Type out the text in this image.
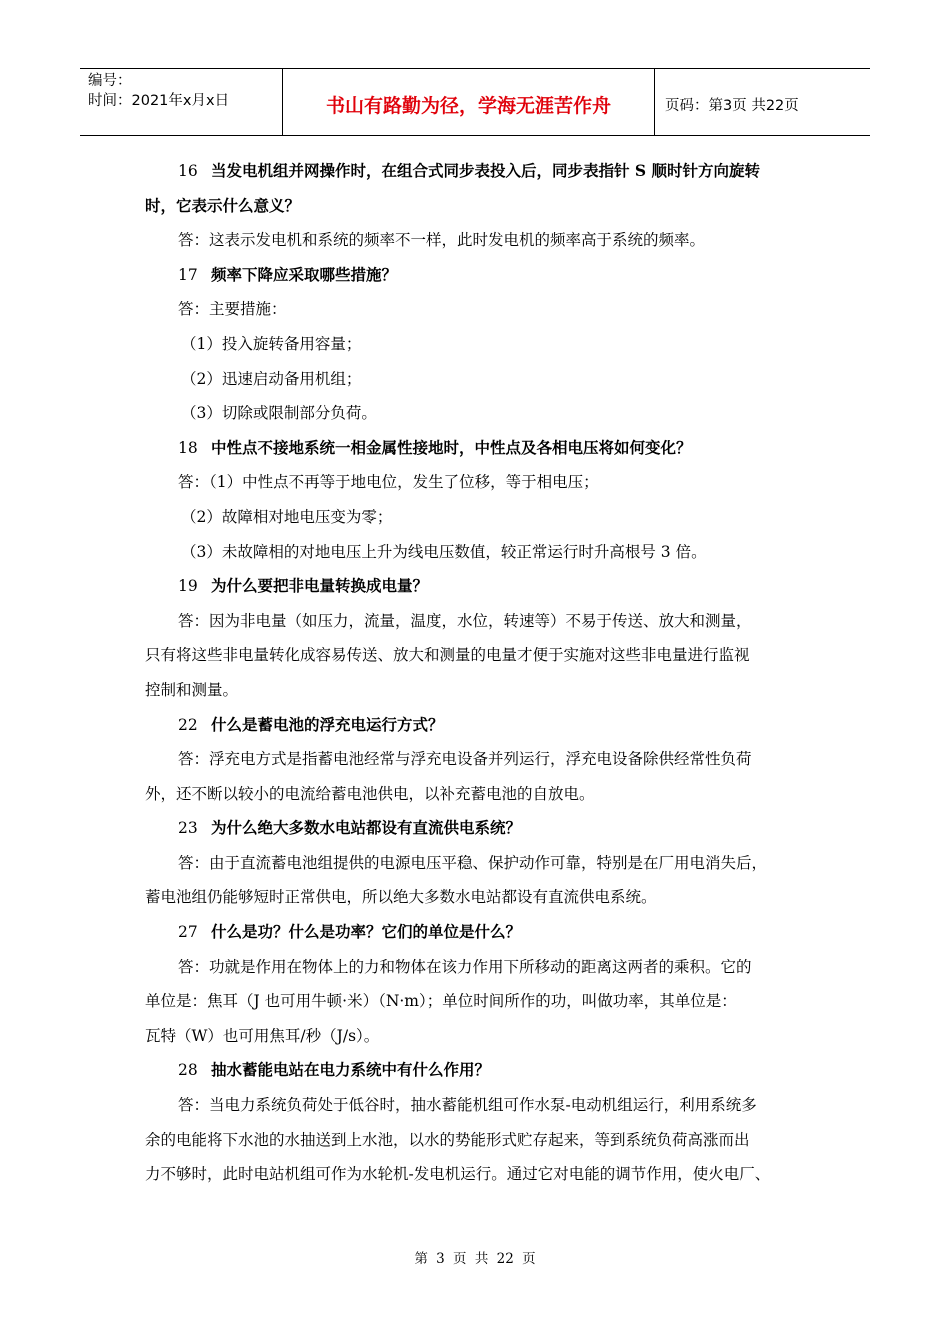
编号：
时间：2021年x月x日	书山有路勤为径，学海无涯苦作舟	页码：第3页 共22页
16 当发电机组并网操作时，在组合式同步表投入后，同步表指针 S 顺时针方向旋转
时，它表示什么意义？
答：这表示发电机和系统的频率不一样，此时发电机的频率高于系统的频率。
17 频率下降应采取哪些措施？
答：主要措施：
（1）投入旋转备用容量；
（2）迅速启动备用机组；
（3）切除或限制部分负荷。
18 中性点不接地系统一相金属性接地时，中性点及各相电压将如何变化？
答：（1）中性点不再等于地电位，发生了位移，等于相电压；
（2）故障相对地电压变为零；
（3）未故障相的对地电压上升为线电压数值，较正常运行时升高根号 3 倍。
19 为什么要把非电量转换成电量？
答：因为非电量（如压力，流量，温度，水位，转速等）不易于传送、放大和测量，
只有将这些非电量转化成容易传送、放大和测量的电量才便于实施对这些非电量进行监视
控制和测量。
22 什么是蓄电池的浮充电运行方式？
答：浮充电方式是指蓄电池经常与浮充电设备并列运行，浮充电设备除供经常性负荷
外，还不断以较小的电流给蓄电池供电，以补充蓄电池的自放电。
23 为什么绝大多数水电站都设有直流供电系统？
答：由于直流蓄电池组提供的电源电压平稳、保护动作可靠，特别是在厂用电消失后，
蓄电池组仍能够短时正常供电，所以绝大多数水电站都设有直流供电系统。
27 什么是功？什么是功率？它们的单位是什么？
答：功就是作用在物体上的力和物体在该力作用下所移动的距离这两者的乘积。它的
单位是：焦耳（J 也可用牛顿·米）（N·m）；单位时间所作的功，叫做功率，其单位是：
瓦特（W）也可用焦耳/秒（J/s）。
28 抽水蓄能电站在电力系统中有什么作用？
答：当电力系统负荷处于低谷时，抽水蓄能机组可作水泵-电动机组运行，利用系统多
余的电能将下水池的水抽送到上水池，以水的势能形式贮存起来，等到系统负荷高涨而出
力不够时，此时电站机组可作为水轮机-发电机运行。通过它对电能的调节作用，使火电厂、
第 3 页 共 22 页
